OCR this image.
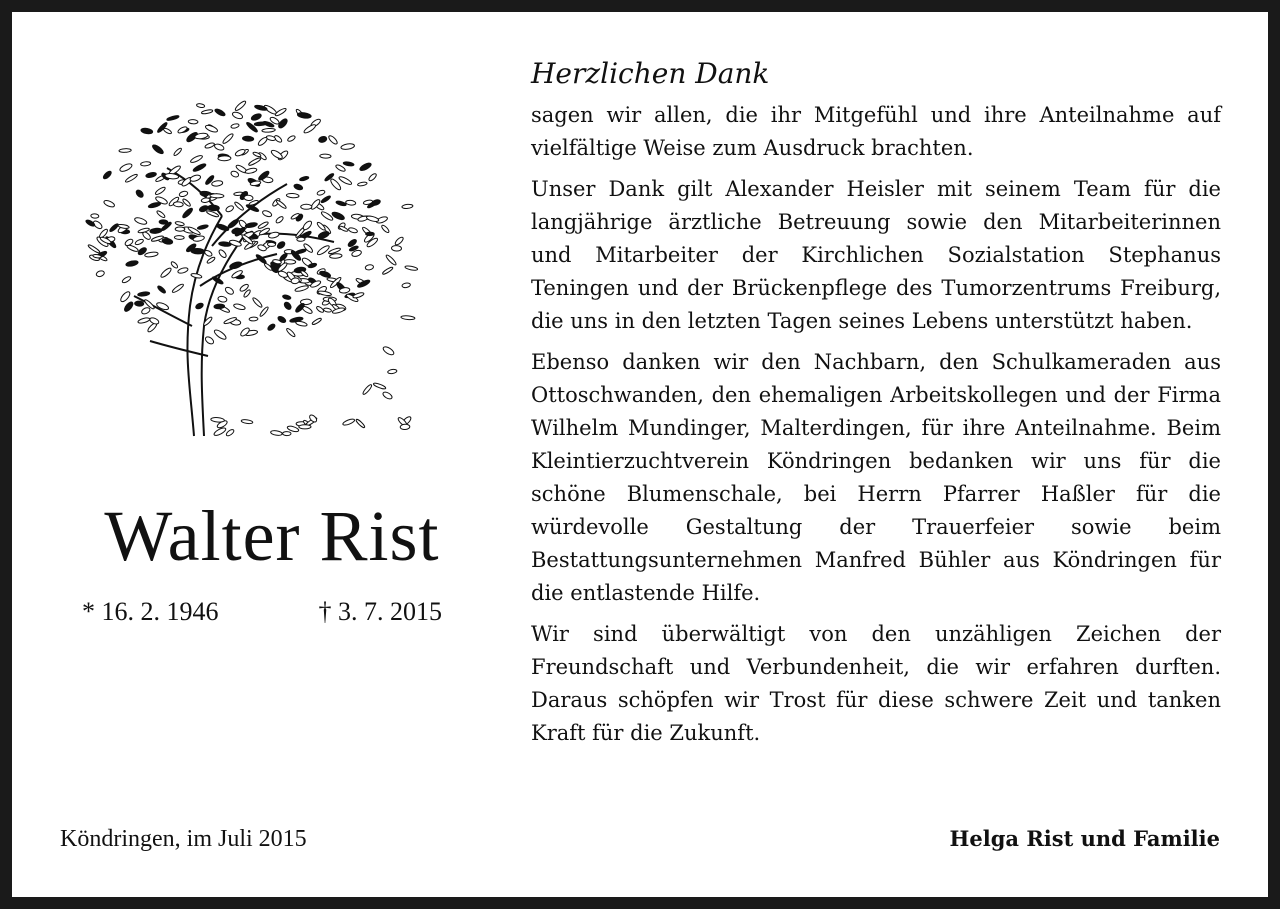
Walter Rist
* 16. 2. 1946	† 3. 7. 2015
Herzlichen Dank

sagen wir allen, die ihr Mitgefühl und ihre Anteilnahme auf vielfältige Weise zum Ausdruck brachten.

Unser Dank gilt Alexander Heisler mit seinem Team für die langjährige ärztliche Betreuung sowie den Mitarbeiterinnen und Mitarbeiter der Kirchlichen Sozialstation Stephanus Teningen und der Brückenpflege des Tumorzentrums Freiburg, die uns in den letzten Tagen seines Lebens unterstützt haben.

Ebenso danken wir den Nachbarn, den Schulkameraden aus Ottoschwanden, den ehemaligen Arbeitskollegen und der Firma Wilhelm Mundinger, Malterdingen, für ihre Anteilnahme. Beim Kleintierzuchtverein Köndringen bedanken wir uns für die schöne Blumenschale, bei Herrn Pfarrer Haßler für die würdevolle Gestaltung der Trauerfeier sowie beim Bestattungsunternehmen Manfred Bühler aus Köndringen für die entlastende Hilfe.

Wir sind überwältigt von den unzähligen Zeichen der Freundschaft und Verbundenheit, die wir erfahren durften. Daraus schöpfen wir Trost für diese schwere Zeit und tanken Kraft für die Zukunft.

Köndringen, im Juli 2015	Helga Rist und Familie
